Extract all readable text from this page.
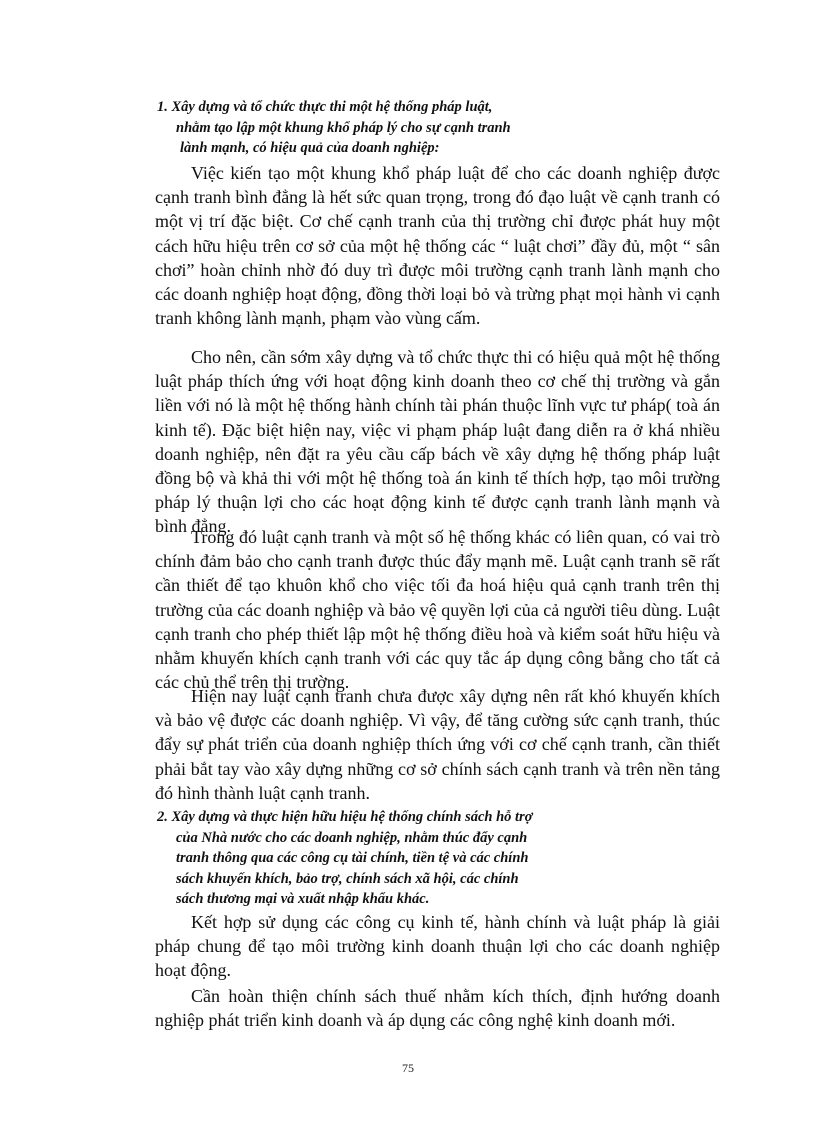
1. Xây dựng và tổ chức thực thi một hệ thống pháp luật,
nhằm tạo lập một khung khổ pháp lý cho sự cạnh tranh
lành mạnh, có hiệu quả của doanh nghiệp:

Việc kiến tạo một khung khổ pháp luật để cho các doanh nghiệp được cạnh tranh bình đẳng là hết sức quan trọng, trong đó đạo luật về cạnh tranh có một vị trí đặc biệt. Cơ chế cạnh tranh của thị trường chỉ được phát huy một cách hữu hiệu trên cơ sở của một hệ thống các “ luật chơi” đầy đủ, một “ sân chơi” hoàn chỉnh nhờ đó duy trì được môi trường cạnh tranh lành mạnh cho các doanh nghiệp hoạt động, đồng thời loại bỏ và trừng phạt mọi hành vi cạnh tranh không lành mạnh, phạm vào vùng cấm.

Cho nên, cần sớm xây dựng và tổ chức thực thi có hiệu quả một hệ thống luật pháp thích ứng với hoạt động kinh doanh theo cơ chế thị trường và gắn liền với nó là một hệ thống hành chính tài phán thuộc lĩnh vực tư pháp( toà án kinh tế). Đặc biệt hiện nay, việc vi phạm pháp luật đang diễn ra ở khá nhiều doanh nghiệp, nên đặt ra yêu cầu cấp bách về xây dựng hệ thống pháp luật đồng bộ và khả thi với một hệ thống toà án kinh tế thích hợp, tạo môi trường pháp lý thuận lợi cho các hoạt động kinh tế được cạnh tranh lành mạnh và bình đẳng.

Trong đó luật cạnh tranh và một số hệ thống khác có liên quan, có vai trò chính đảm bảo cho cạnh tranh được thúc đẩy mạnh mẽ. Luật cạnh tranh sẽ rất cần thiết để tạo khuôn khổ cho việc tối đa hoá hiệu quả cạnh tranh trên thị trường của các doanh nghiệp và bảo vệ quyền lợi của cả người tiêu dùng. Luật cạnh tranh cho phép thiết lập một hệ thống điều hoà và kiểm soát hữu hiệu và nhằm khuyến khích cạnh tranh với các quy tắc áp dụng công bằng cho tất cả các chủ thể trên thị trường.

Hiện nay luật cạnh tranh chưa được xây dựng nên rất khó khuyến khích và bảo vệ được các doanh nghiệp. Vì vậy, để tăng cường sức cạnh tranh, thúc đẩy sự phát triển của doanh nghiệp thích ứng với cơ chế cạnh tranh, cần thiết phải bắt tay vào xây dựng những cơ sở chính sách cạnh tranh và trên nền tảng đó hình thành luật cạnh tranh.

2. Xây dựng và thực hiện hữu hiệu hệ thống chính sách hỗ trợ
của Nhà nước cho các doanh nghiệp, nhằm thúc đẩy cạnh
tranh thông qua các công cụ tài chính, tiền tệ và các chính
sách khuyến khích, bảo trợ, chính sách xã hội, các chính
sách thương mại và xuất nhập khẩu khác.

Kết hợp sử dụng các công cụ kinh tế, hành chính và luật pháp là giải pháp chung để tạo môi trường kinh doanh thuận lợi cho các doanh nghiệp hoạt động.

Cần hoàn thiện chính sách thuế nhằm kích thích, định hướng doanh nghiệp phát triển kinh doanh và áp dụng các công nghệ kinh doanh mới.

75
